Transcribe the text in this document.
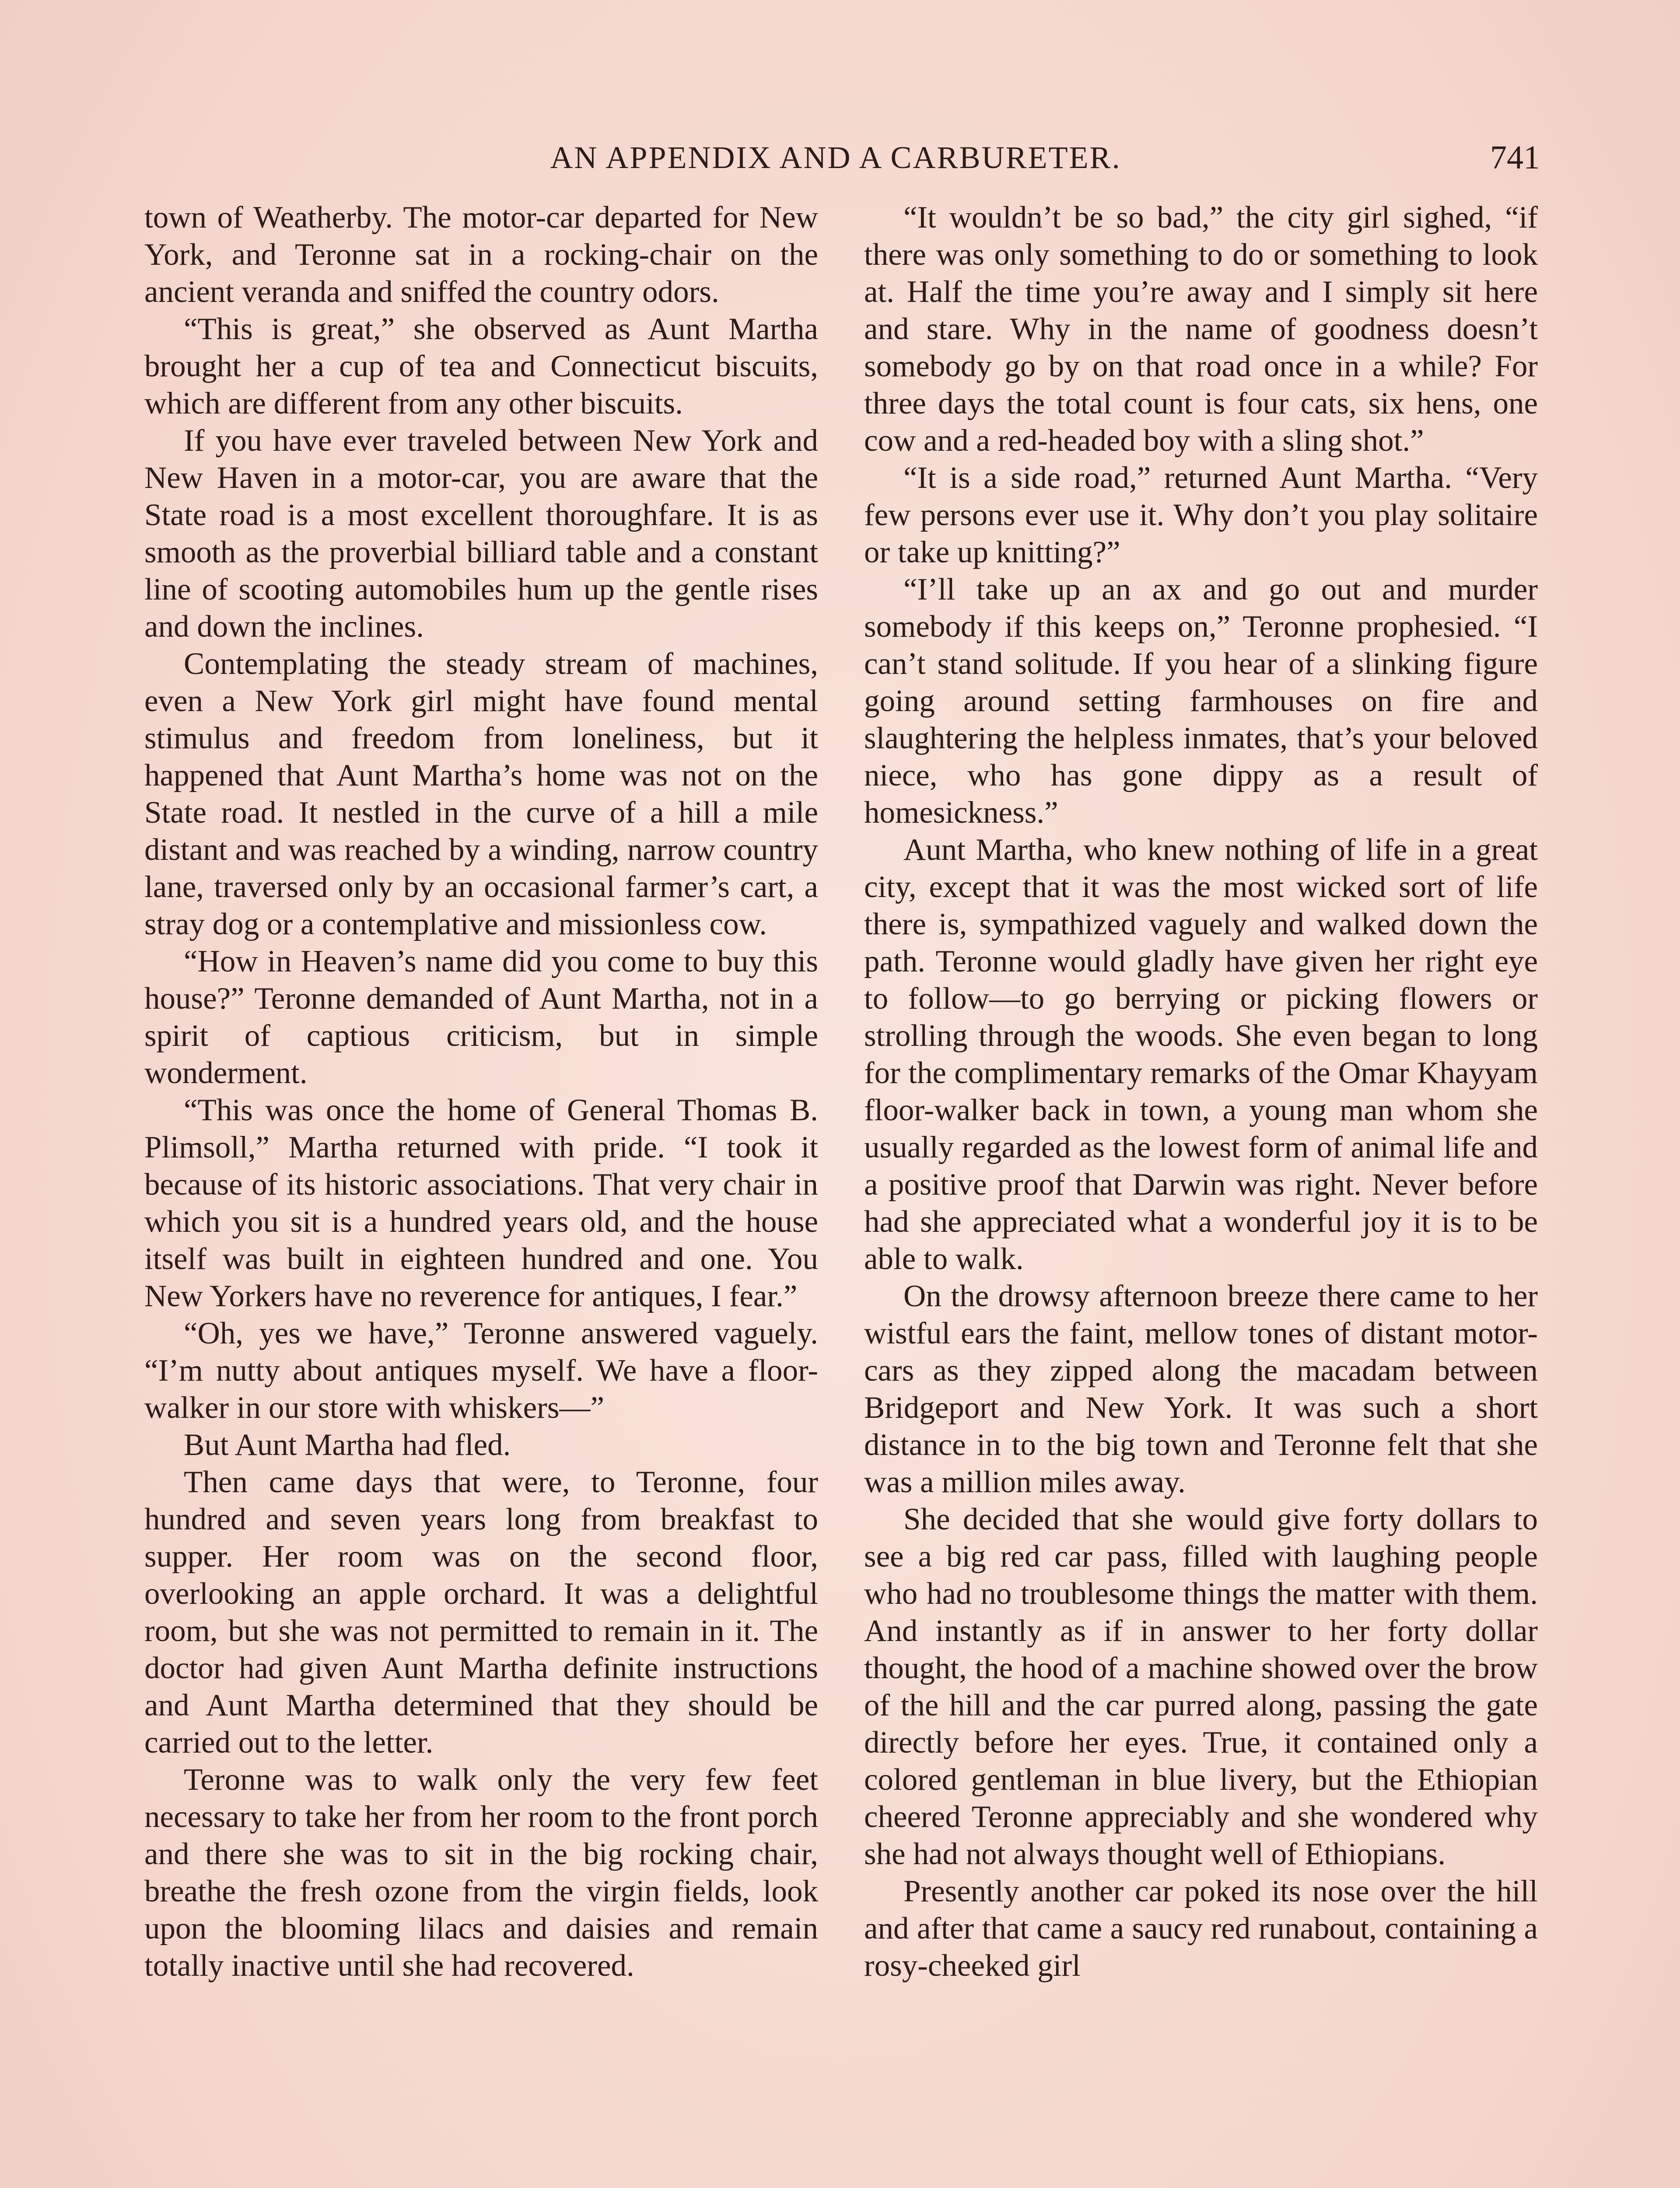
AN APPENDIX AND A CARBURETER.	741

town of Weatherby. The motor-car departed for New York, and Teronne sat in a rocking-chair on the ancient veranda and sniffed the country odors.

“This is great,” she observed as Aunt Martha brought her a cup of tea and Connecticut biscuits, which are different from any other biscuits.

If you have ever traveled between New York and New Haven in a motor-car, you are aware that the State road is a most excellent thoroughfare. It is as smooth as the proverbial billiard table and a constant line of scooting automobiles hum up the gentle rises and down the inclines.

Contemplating the steady stream of machines, even a New York girl might have found mental stimulus and freedom from loneliness, but it happened that Aunt Martha’s home was not on the State road. It nestled in the curve of a hill a mile distant and was reached by a winding, narrow country lane, traversed only by an occasional farmer’s cart, a stray dog or a contemplative and missionless cow.

“How in Heaven’s name did you come to buy this house?” Teronne demanded of Aunt Martha, not in a spirit of captious criticism, but in simple wonderment.

“This was once the home of General Thomas B. Plimsoll,” Martha returned with pride. “I took it because of its historic associations. That very chair in which you sit is a hundred years old, and the house itself was built in eighteen hundred and one. You New Yorkers have no reverence for antiques, I fear.”

“Oh, yes we have,” Teronne answered vaguely. “I’m nutty about antiques myself. We have a floor-walker in our store with whiskers—”

But Aunt Martha had fled.

Then came days that were, to Teronne, four hundred and seven years long from breakfast to supper. Her room was on the second floor, overlooking an apple orchard. It was a delightful room, but she was not permitted to remain in it. The doctor had given Aunt Martha definite instructions and Aunt Martha determined that they should be carried out to the letter.

Teronne was to walk only the very few feet necessary to take her from her room to the front porch and there she was to sit in the big rocking chair, breathe the fresh ozone from the virgin fields, look upon the blooming lilacs and daisies and remain totally inactive until she had recovered.

“It wouldn’t be so bad,” the city girl sighed, “if there was only something to do or something to look at. Half the time you’re away and I simply sit here and stare. Why in the name of goodness doesn’t somebody go by on that road once in a while? For three days the total count is four cats, six hens, one cow and a red-headed boy with a sling shot.”

“It is a side road,” returned Aunt Martha. “Very few persons ever use it. Why don’t you play solitaire or take up knitting?”

“I’ll take up an ax and go out and murder somebody if this keeps on,” Teronne prophesied. “I can’t stand solitude. If you hear of a slinking figure going around setting farmhouses on fire and slaughtering the helpless inmates, that’s your beloved niece, who has gone dippy as a result of homesickness.”

Aunt Martha, who knew nothing of life in a great city, except that it was the most wicked sort of life there is, sympathized vaguely and walked down the path. Teronne would gladly have given her right eye to follow—to go berrying or picking flowers or strolling through the woods. She even began to long for the complimentary remarks of the Omar Khayyam floor-walker back in town, a young man whom she usually regarded as the lowest form of animal life and a positive proof that Darwin was right. Never before had she appreciated what a wonderful joy it is to be able to walk.

On the drowsy afternoon breeze there came to her wistful ears the faint, mellow tones of distant motor-cars as they zipped along the macadam between Bridgeport and New York. It was such a short distance in to the big town and Teronne felt that she was a million miles away.

She decided that she would give forty dollars to see a big red car pass, filled with laughing people who had no troublesome things the matter with them. And instantly as if in answer to her forty dollar thought, the hood of a machine showed over the brow of the hill and the car purred along, passing the gate directly before her eyes. True, it contained only a colored gentleman in blue livery, but the Ethiopian cheered Teronne appreciably and she wondered why she had not always thought well of Ethiopians.

Presently another car poked its nose over the hill and after that came a saucy red runabout, containing a rosy-cheeked girl
